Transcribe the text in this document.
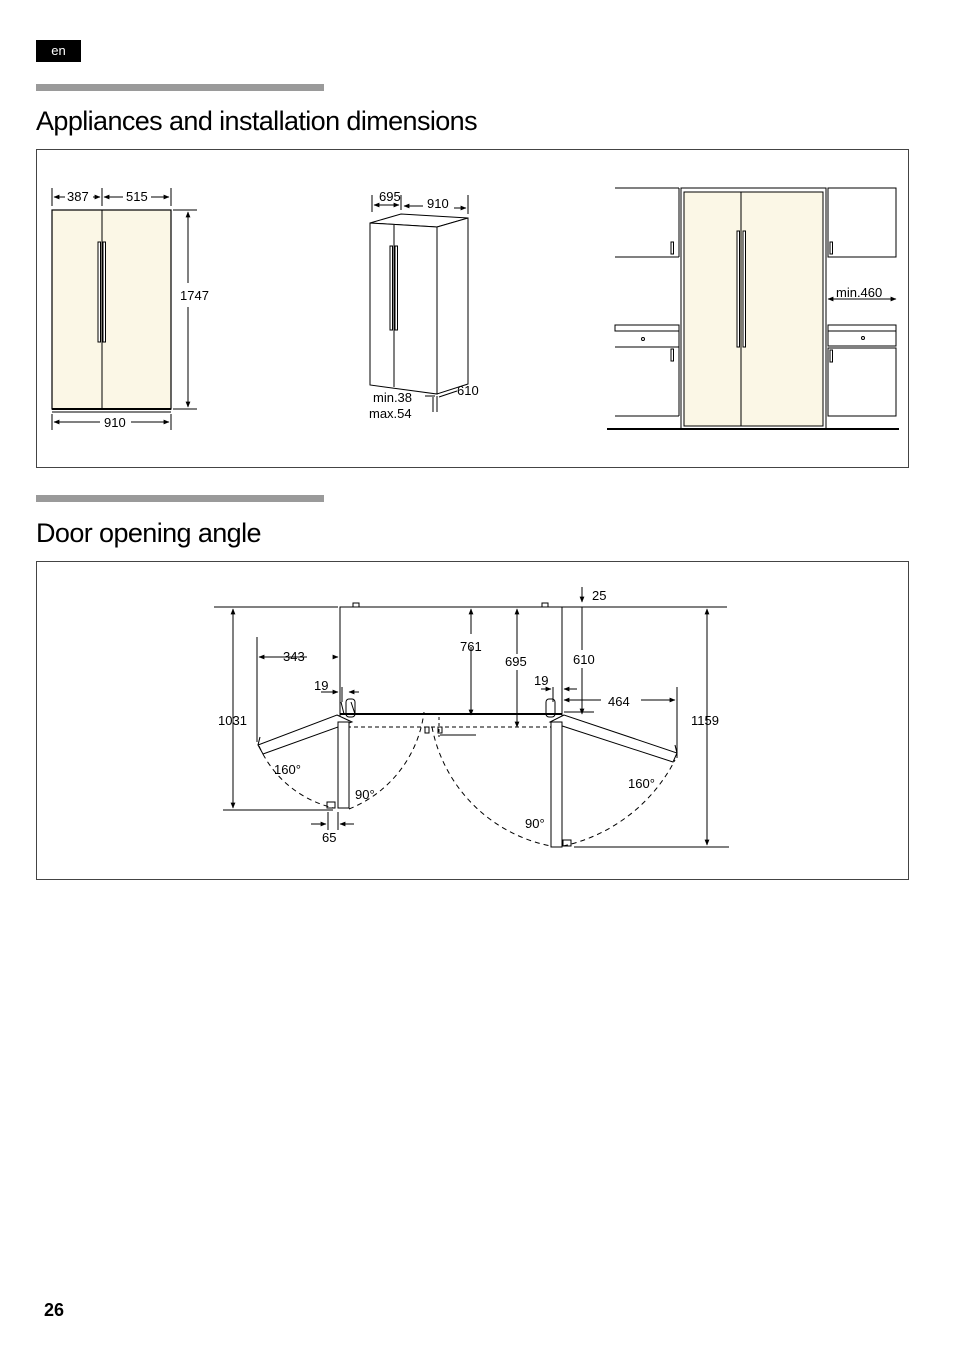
en
Appliances and installation dimensions
387	515
1747
910
695 910
610
min.38
max.54
min.460
Door opening angle
25
343
761
695	610
19	19
464
1031	1159
160°
90°
65
160°
90°
26
